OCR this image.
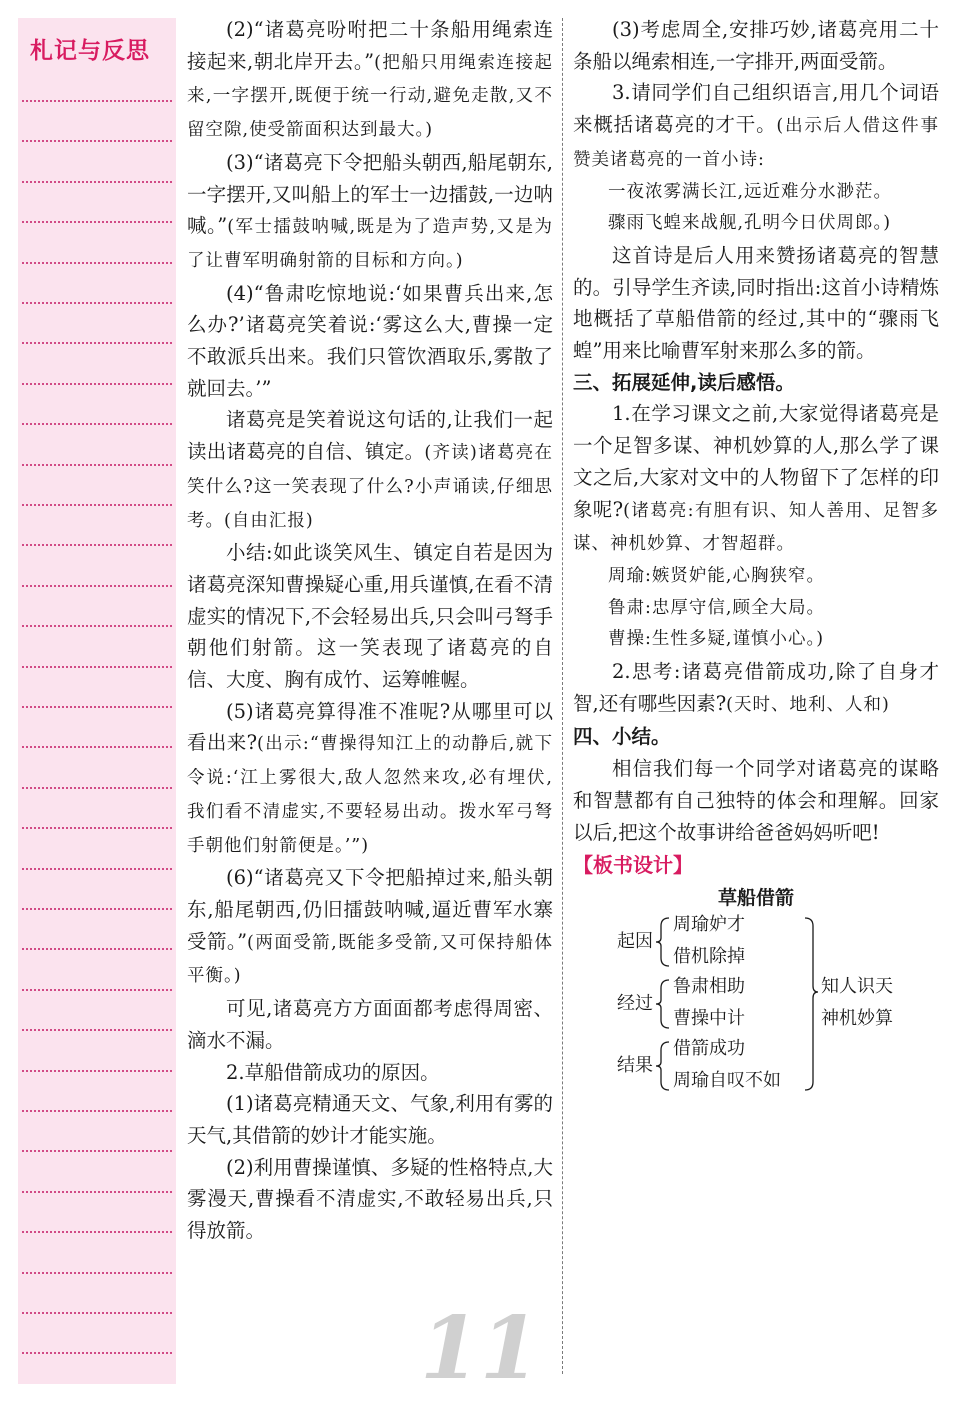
札记与反思

(2)“诸葛亮吩咐把二十条船用绳索连接起来,朝北岸开去。”(把船只用绳索连接起来,一字摆开,既便于统一行动,避免走散,又不留空隙,使受箭面积达到最大。)

(3)“诸葛亮下令把船头朝西,船尾朝东,一字摆开,又叫船上的军士一边擂鼓,一边呐喊。”(军士擂鼓呐喊,既是为了造声势,又是为了让曹军明确射箭的目标和方向。)

(4)“鲁肃吃惊地说:‘如果曹兵出来,怎么办?’诸葛亮笑着说:‘雾这么大,曹操一定不敢派兵出来。我们只管饮酒取乐,雾散了就回去。’”

诸葛亮是笑着说这句话的,让我们一起读出诸葛亮的自信、镇定。(齐读)诸葛亮在笑什么?这一笑表现了什么?小声诵读,仔细思考。(自由汇报)

小结:如此谈笑风生、镇定自若是因为诸葛亮深知曹操疑心重,用兵谨慎,在看不清虚实的情况下,不会轻易出兵,只会叫弓弩手朝他们射箭。这一笑表现了诸葛亮的自信、大度、胸有成竹、运筹帷幄。

(5)诸葛亮算得准不准呢?从哪里可以看出来?(出示:“曹操得知江上的动静后,就下令说:‘江上雾很大,敌人忽然来攻,必有埋伏,我们看不清虚实,不要轻易出动。拨水军弓弩手朝他们射箭便是。’”)

(6)“诸葛亮又下令把船掉过来,船头朝东,船尾朝西,仍旧擂鼓呐喊,逼近曹军水寨受箭。”(两面受箭,既能多受箭,又可保持船体平衡。)

可见,诸葛亮方方面面都考虑得周密、滴水不漏。

2.草船借箭成功的原因。

(1)诸葛亮精通天文、气象,利用有雾的天气,其借箭的妙计才能实施。

(2)利用曹操谨慎、多疑的性格特点,大雾漫天,曹操看不清虚实,不敢轻易出兵,只得放箭。

(3)考虑周全,安排巧妙,诸葛亮用二十条船以绳索相连,一字排开,两面受箭。

3.请同学们自己组织语言,用几个词语来概括诸葛亮的才干。(出示后人借这件事赞美诸葛亮的一首小诗:

一夜浓雾满长江,远近难分水渺茫。

骤雨飞蝗来战舰,孔明今日伏周郎。)

这首诗是后人用来赞扬诸葛亮的智慧的。引导学生齐读,同时指出:这首小诗精炼地概括了草船借箭的经过,其中的“骤雨飞蝗”用来比喻曹军射来那么多的箭。

三、拓展延伸,读后感悟。

1.在学习课文之前,大家觉得诸葛亮是一个足智多谋、神机妙算的人,那么学了课文之后,大家对文中的人物留下了怎样的印象呢?(诸葛亮:有胆有识、知人善用、足智多谋、神机妙算、才智超群。

周瑜:嫉贤妒能,心胸狭窄。

鲁肃:忠厚守信,顾全大局。

曹操:生性多疑,谨慎小心。)

2.思考:诸葛亮借箭成功,除了自身才智,还有哪些因素?(天时、地利、人和)

四、小结。

相信我们每一个同学对诸葛亮的谋略和智慧都有自己独特的体会和理解。回家以后,把这个故事讲给爸爸妈妈听吧!

【板书设计】

草船借箭

起因
周瑜妒才
借机除掉
经过
鲁肃相助
曹操中计
结果
借箭成功
周瑜自叹不如
知人识天
神机妙算
11
